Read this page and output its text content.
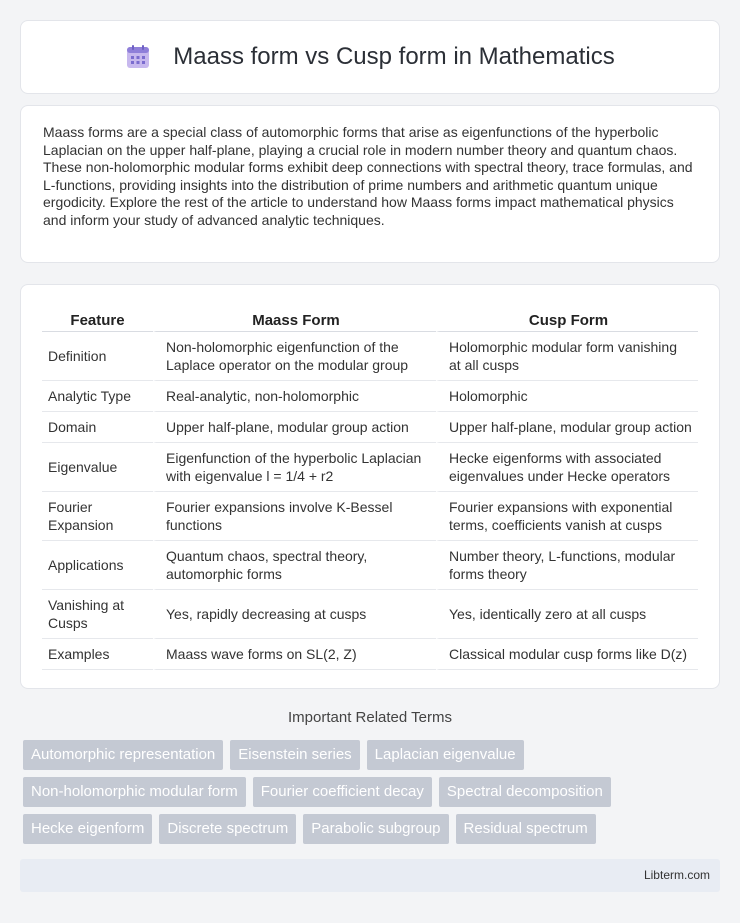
Maass form vs Cusp form in Mathematics

Maass forms are a special class of automorphic forms that arise as eigenfunctions of the hyperbolic Laplacian on the upper half-plane, playing a crucial role in modern number theory and quantum chaos. These non-holomorphic modular forms exhibit deep connections with spectral theory, trace formulas, and L-functions, providing insights into the distribution of prime numbers and arithmetic quantum unique ergodicity. Explore the rest of the article to understand how Maass forms impact mathematical physics and inform your study of advanced analytic techniques.

Feature	Maass Form	Cusp Form
Definition	Non-holomorphic eigenfunction of the Laplace operator on the modular group	Holomorphic modular form vanishing at all cusps
Analytic Type	Real-analytic, non-holomorphic	Holomorphic
Domain	Upper half-plane, modular group action	Upper half-plane, modular group action
Eigenvalue	Eigenfunction of the hyperbolic Laplacian with eigenvalue l = 1/4 + r2	Hecke eigenforms with associated eigenvalues under Hecke operators
Fourier Expansion	Fourier expansions involve K-Bessel functions	Fourier expansions with exponential terms, coefficients vanish at cusps
Applications	Quantum chaos, spectral theory, automorphic forms	Number theory, L-functions, modular forms theory
Vanishing at Cusps	Yes, rapidly decreasing at cusps	Yes, identically zero at all cusps
Examples	Maass wave forms on SL(2, Z)	Classical modular cusp forms like D(z)
Important Related Terms
Automorphic representation	Eisenstein series	Laplacian eigenvalue
Non-holomorphic modular form	Fourier coefficient decay	Spectral decomposition
Hecke eigenform	Discrete spectrum	Parabolic subgroup	Residual spectrum
Libterm.com
